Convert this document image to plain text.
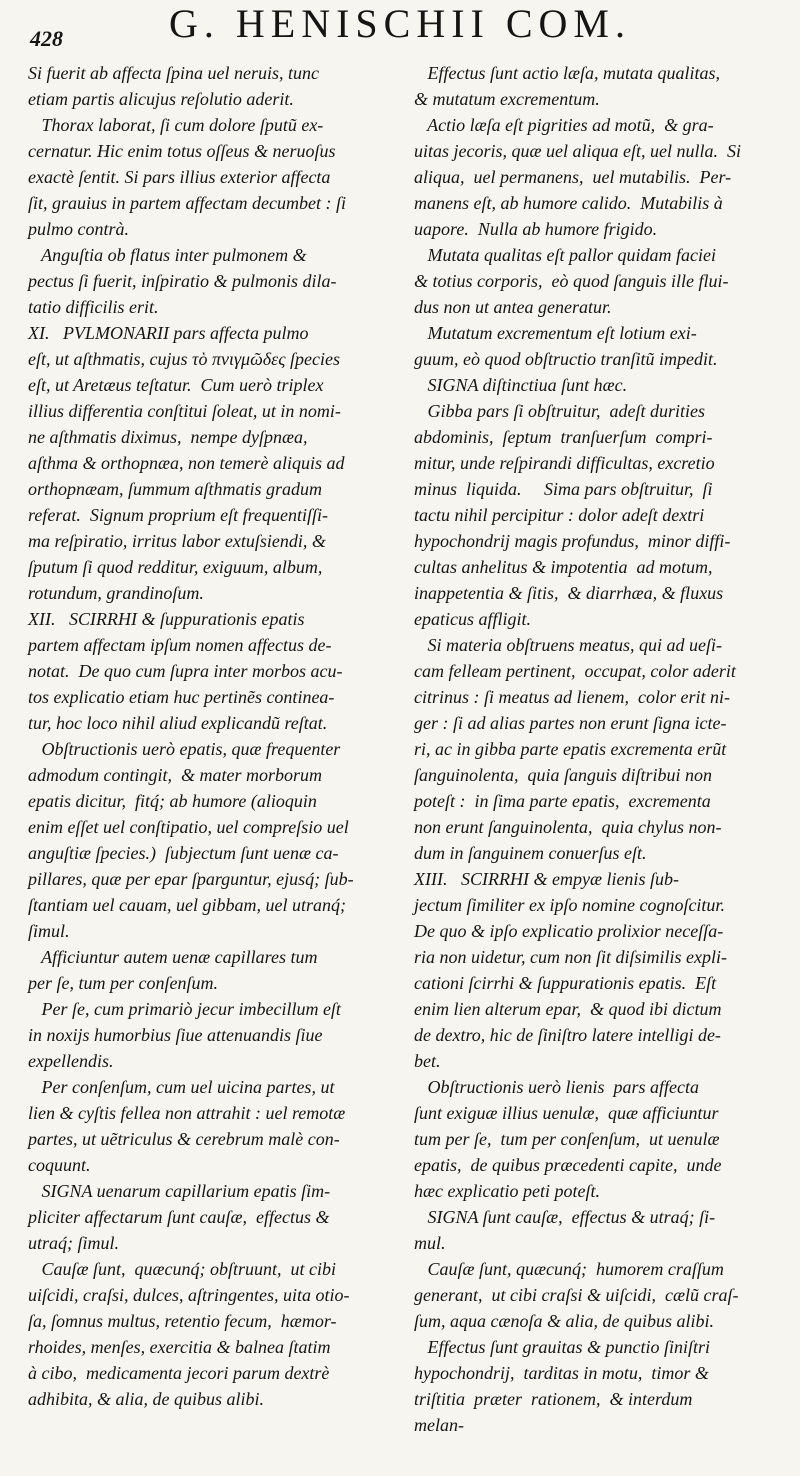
428	G. HENISCHII COM.
Si fuerit ab affecta ſpina uel neruis, tunc
etiam partis alicujus reſolutio aderit.
Thorax laborat, ſi cum dolore ſputũ ex-
cernatur. Hic enim totus oſſeus & neruoſus
exactè ſentit. Si pars illius exterior affecta
ſit, grauius in partem affectam decumbet : ſi
pulmo contrà.
Anguſtia ob flatus inter pulmonem &
pectus ſi fuerit, inſpiratio & pulmonis dila-
tatio difficilis erit.
XI.   PVLMONARII pars affecta pulmo
eſt, ut aſthmatis, cujus τὸ πνιγμῶδες ſpecies
eſt, ut Aretæus teſtatur.  Cum uerò triplex
illius differentia conſtitui ſoleat, ut in nomi-
ne aſthmatis diximus,  nempe dyſpnæa,
aſthma & orthopnæa, non temerè aliquis ad
orthopnæam, ſummum aſthmatis gradum
referat.  Signum proprium eſt frequentiſſi-
ma reſpiratio, irritus labor extuſsiendi, &
ſputum ſi quod redditur, exiguum, album,
rotundum, grandinoſum.
XII.   SCIRRHI & ſuppurationis epatis
partem affectam ipſum nomen affectus de-
notat.  De quo cum ſupra inter morbos acu-
tos explicatio etiam huc pertinẽs continea-
tur, hoc loco nihil aliud explicandũ reſtat.
Obſtructionis uerò epatis, quæ frequenter
admodum contingit,  & mater morborum
epatis dicitur,  fitq́; ab humore (alioquin
enim eſſet uel conſtipatio, uel compreſsio uel
anguſtiæ ſpecies.)  ſubjectum ſunt uenæ ca-
pillares, quæ per epar ſparguntur, ejusq́; ſub-
ſtantiam uel cauam, uel gibbam, uel utranq́;
ſimul.
Afficiuntur autem uenæ capillares tum
per ſe, tum per conſenſum.
Per ſe, cum primariò jecur imbecillum eſt
in noxijs humorbius ſiue attenuandis ſiue
expellendis.
Per conſenſum, cum uel uicina partes, ut
lien & cyſtis fellea non attrahit : uel remotæ
partes, ut uẽtriculus & cerebrum malè con-
coquunt.
SIGNA uenarum capillarium epatis ſim-
pliciter affectarum ſunt cauſæ,  effectus &
utraq́; ſimul.
Cauſæ ſunt,  quæcunq́; obſtruunt,  ut cibi
uiſcidi, craſsi, dulces, aſtringentes, uita otio-
ſa, ſomnus multus, retentio fecum,  hæmor-
rhoides, menſes, exercitia & balnea ſtatim
à cibo,  medicamenta jecori parum dextrè
adhibita, & alia, de quibus alibi.
Effectus ſunt actio læſa, mutata qualitas,
& mutatum excrementum.
Actio læſa eſt pigrities ad motũ,  & gra-
uitas jecoris, quæ uel aliqua eſt, uel nulla.  Si
aliqua,  uel permanens,  uel mutabilis.  Per-
manens eſt, ab humore calido.  Mutabilis à
uapore.  Nulla ab humore frigido.
Mutata qualitas eſt pallor quidam faciei
& totius corporis,  eò quod ſanguis ille flui-
dus non ut antea generatur.
Mutatum excrementum eſt lotium exi-
guum, eò quod obſtructio tranſitũ impedit.
SIGNA diſtinctiua ſunt hæc.
Gibba pars ſi obſtruitur,  adeſt durities
abdominis,  ſeptum  tranſuerſum  compri-
mitur, unde reſpirandi difficultas, excretio
minus  liquida.     Sima pars obſtruitur,  ſi
tactu nihil percipitur : dolor adeſt dextri
hypochondrij magis profundus,  minor diffi-
cultas anhelitus & impotentia  ad motum,
inappetentia & ſitis,  & diarrhæa, & fluxus
epaticus affligit.
Si materia obſtruens meatus, qui ad ueſi-
cam felleam pertinent,  occupat, color aderit
citrinus : ſi meatus ad lienem,  color erit ni-
ger : ſi ad alias partes non erunt ſigna icte-
ri, ac in gibba parte epatis excrementa erũt
ſanguinolenta,  quia ſanguis diſtribui non
poteſt :  in ſima parte epatis,  excrementa
non erunt ſanguinolenta,  quia chylus non-
dum in ſanguinem conuerſus eſt.
XIII.   SCIRRHI & empyæ lienis ſub-
jectum ſimiliter ex ipſo nomine cognoſcitur.
De quo & ipſo explicatio prolixior neceſſa-
ria non uidetur, cum non ſit diſsimilis expli-
cationi ſcirrhi & ſuppurationis epatis.  Eſt
enim lien alterum epar,  & quod ibi dictum
de dextro, hic de ſiniſtro latere intelligi de-
bet.
Obſtructionis uerò lienis  pars affecta
ſunt exiguæ illius uenulæ,  quæ afficiuntur
tum per ſe,  tum per conſenſum,  ut uenulæ
epatis,  de quibus præcedenti capite,  unde
hæc explicatio peti poteſt.
SIGNA ſunt cauſæ,  effectus & utraq́; ſi-
mul.
Cauſæ ſunt, quæcunq́;  humorem craſſum
generant,  ut cibi craſsi & uiſcidi,  cælũ craſ-
ſum, aqua cænoſa & alia, de quibus alibi.
Effectus ſunt grauitas & punctio ſiniſtri
hypochondrij,  tarditas in motu,  timor &
triſtitia  præter  rationem,  & interdum
melan-
